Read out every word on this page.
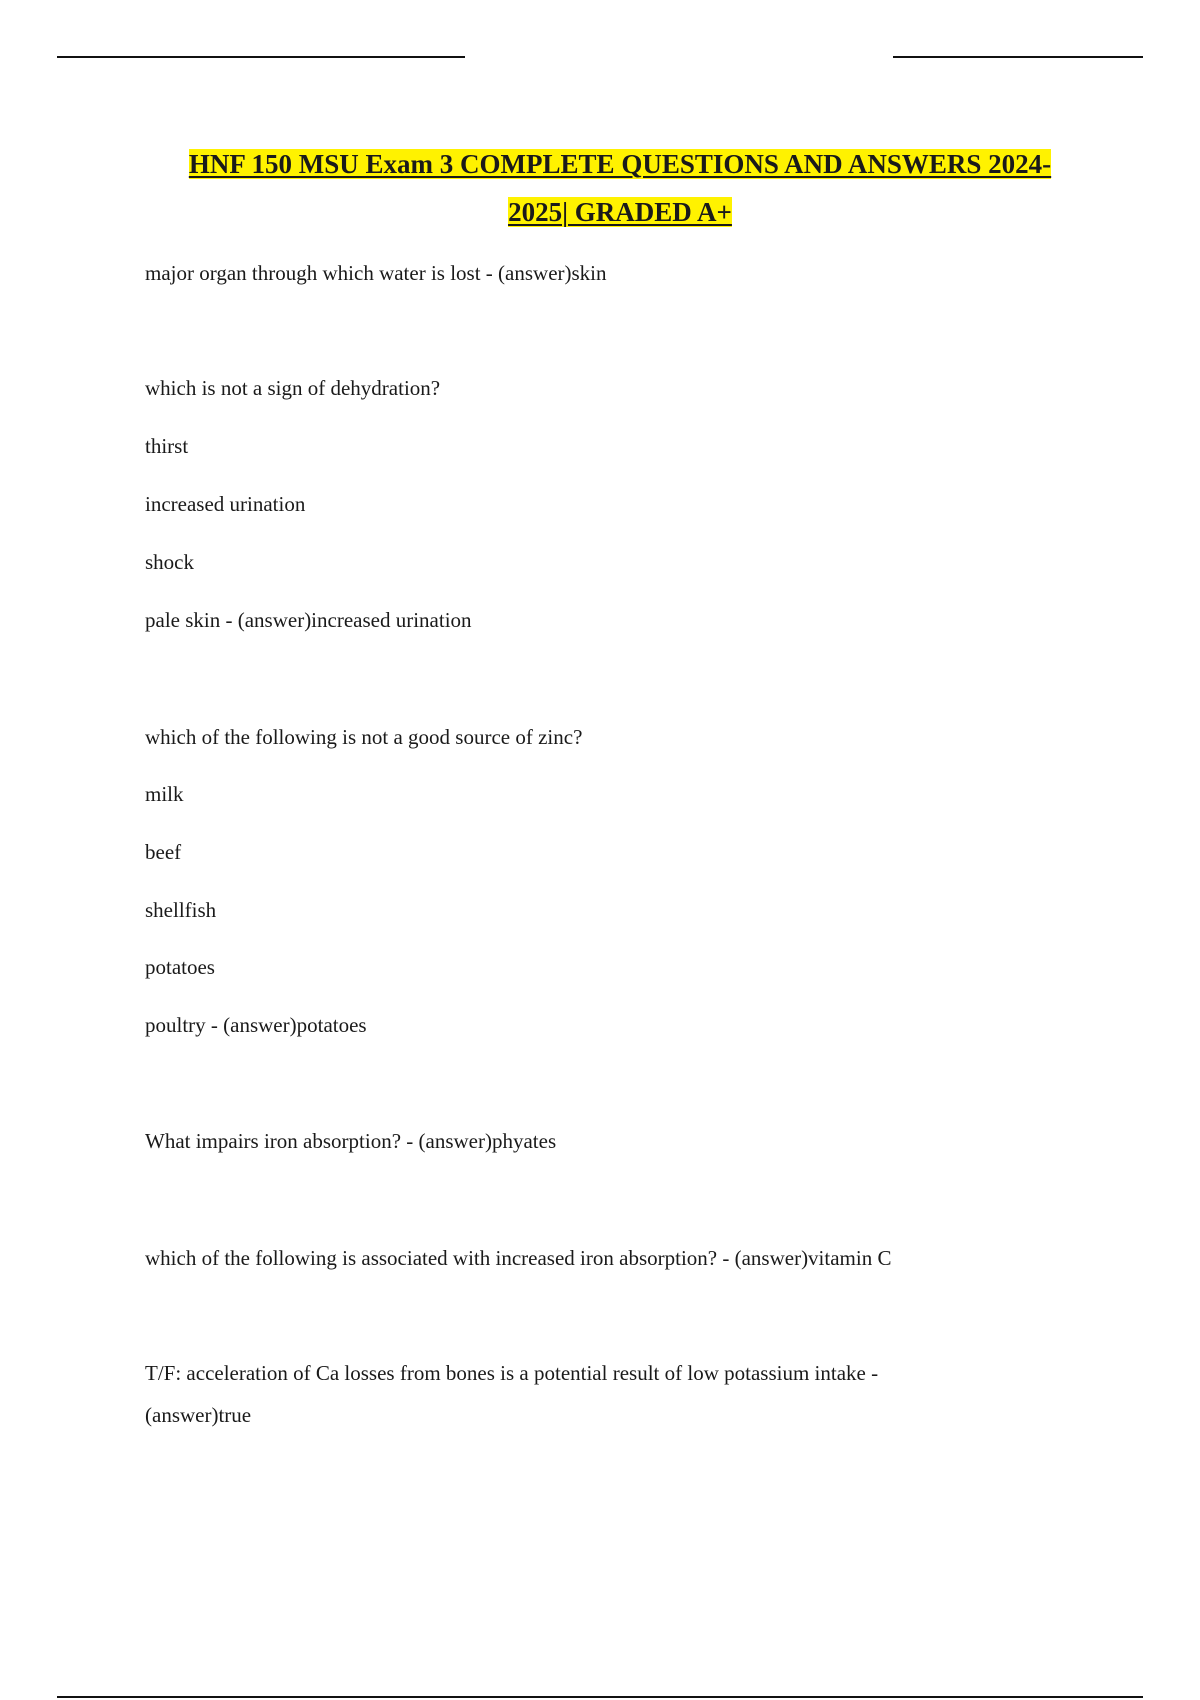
HNF 150 MSU Exam 3 COMPLETE QUESTIONS AND ANSWERS 2024-
2025| GRADED A+
major organ through which water is lost - (answer)skin
which is not a sign of dehydration?
thirst
increased urination
shock
pale skin - (answer)increased urination
which of the following is not a good source of zinc?
milk
beef
shellfish
potatoes
poultry - (answer)potatoes
What impairs iron absorption? - (answer)phyates
which of the following is associated with increased iron absorption? - (answer)vitamin C
T/F: acceleration of Ca losses from bones is a potential result of low potassium intake -
(answer)true
